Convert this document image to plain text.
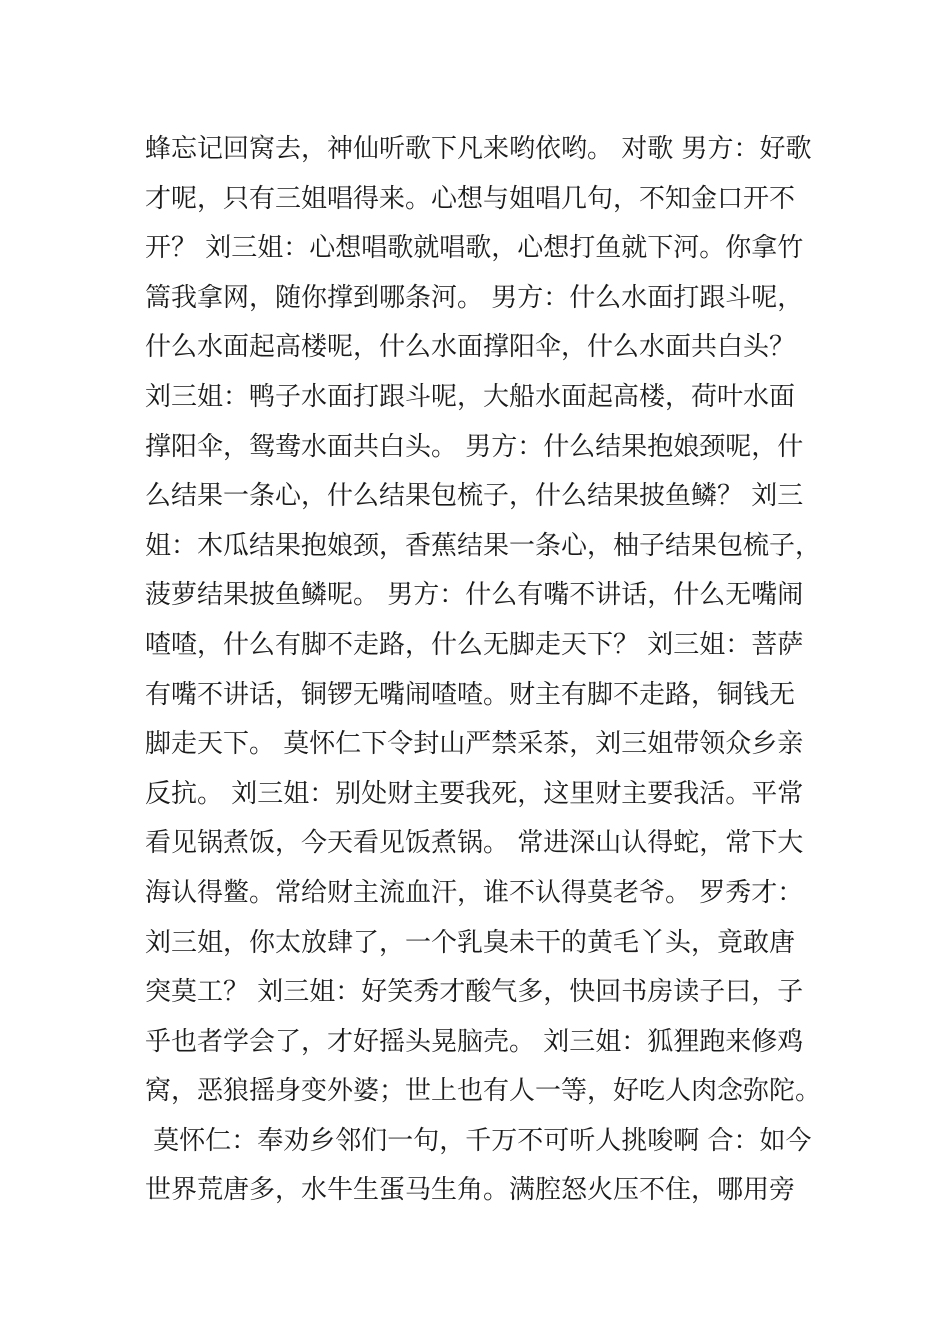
蜂忘记回窝去，神仙听歌下凡来哟依哟。 对歌 男方：好歌
才呢，只有三姐唱得来。心想与姐唱几句，不知金口开不
开？ 刘三姐：心想唱歌就唱歌，心想打鱼就下河。你拿竹
篙我拿网，随你撑到哪条河。 男方：什么水面打跟斗呢，
什么水面起高楼呢，什么水面撑阳伞，什么水面共白头？
刘三姐：鸭子水面打跟斗呢，大船水面起高楼，荷叶水面
撑阳伞，鸳鸯水面共白头。 男方：什么结果抱娘颈呢，什
么结果一条心，什么结果包梳子，什么结果披鱼鳞？ 刘三
姐：木瓜结果抱娘颈，香蕉结果一条心，柚子结果包梳子，
菠萝结果披鱼鳞呢。 男方：什么有嘴不讲话，什么无嘴闹
喳喳，什么有脚不走路，什么无脚走天下？ 刘三姐：菩萨
有嘴不讲话，铜锣无嘴闹喳喳。财主有脚不走路，铜钱无
脚走天下。 莫怀仁下令封山严禁采茶，刘三姐带领众乡亲
反抗。 刘三姐：别处财主要我死，这里财主要我活。平常
看见锅煮饭，今天看见饭煮锅。 常进深山认得蛇，常下大
海认得鳖。常给财主流血汗，谁不认得莫老爷。 罗秀才：
刘三姐，你太放肆了，一个乳臭未干的黄毛丫头，竟敢唐
突莫工？ 刘三姐：好笑秀才酸气多，快回书房读子曰，子
乎也者学会了，才好摇头晃脑壳。 刘三姐：狐狸跑来修鸡
窝，恶狼摇身变外婆；世上也有人一等，好吃人肉念弥陀。
莫怀仁：奉劝乡邻们一句，千万不可听人挑唆啊 合：如今
世界荒唐多，水牛生蛋马生角。满腔怒火压不住，哪用旁
